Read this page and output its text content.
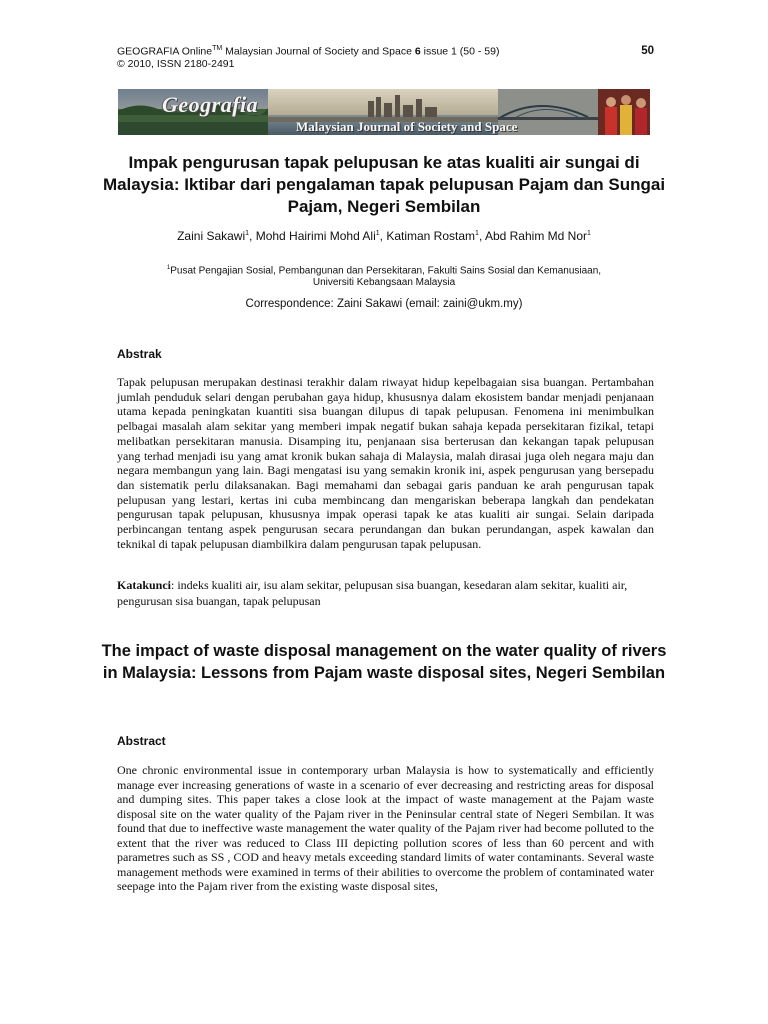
GEOGRAFIA Online™ Malaysian Journal of Society and Space 6 issue 1 (50 - 59)
© 2010, ISSN 2180-2491
50
Geografia
Malaysian Journal of Society and Space
Impak pengurusan tapak pelupusan ke atas kualiti air sungai di Malaysia: Iktibar dari pengalaman tapak pelupusan Pajam dan Sungai Pajam, Negeri Sembilan
Zaini Sakawi$^1$, Mohd Hairimi Mohd Ali$^1$, Katiman Rostam$^1$, Abd Rahim Md Nor$^1$
$^1$Pusat Pengajian Sosial, Pembangunan dan Persekitaran, Fakulti Sains Sosial dan Kemanusiaan,
Universiti Kebangsaan Malaysia
Correspondence: Zaini Sakawi (email: zaini@ukm.my)
Abstrak

Tapak pelupusan merupakan destinasi terakhir dalam riwayat hidup kepelbagaian sisa buangan. Pertambahan jumlah penduduk selari dengan perubahan gaya hidup, khususnya dalam ekosistem bandar menjadi penjanaan utama kepada peningkatan kuantiti sisa buangan dilupus di tapak pelupusan. Fenomena ini menimbulkan pelbagai masalah alam sekitar yang memberi impak negatif bukan sahaja kepada persekitaran fizikal, tetapi melibatkan persekitaran manusia. Disamping itu, penjanaan sisa berterusan dan kekangan tapak pelupusan yang terhad menjadi isu yang amat kronik bukan sahaja di Malaysia, malah dirasai juga oleh negara maju dan negara membangun yang lain. Bagi mengatasi isu yang semakin kronik ini, aspek pengurusan yang bersepadu dan sistematik perlu dilaksanakan. Bagi memahami dan sebagai garis panduan ke arah pengurusan tapak pelupusan yang lestari, kertas ini cuba membincang dan mengariskan beberapa langkah dan pendekatan pengurusan tapak pelupusan, khususnya impak operasi tapak ke atas kualiti air sungai. Selain daripada perbincangan tentang aspek pengurusan secara perundangan dan bukan perundangan, aspek kawalan dan teknikal di tapak pelupusan diambilkira dalam pengurusan tapak pelupusan.

Katakunci: indeks kualiti air, isu alam sekitar, pelupusan sisa buangan, kesedaran alam sekitar, kualiti air, pengurusan sisa buangan, tapak pelupusan

The impact of waste disposal management on the water quality of rivers in Malaysia: Lessons from Pajam waste disposal sites, Negeri Sembilan
Abstract

One chronic environmental issue in contemporary urban Malaysia is how to systematically and efficiently manage ever increasing generations of waste in a scenario of ever decreasing and restricting areas for disposal and dumping sites. This paper takes a close look at the impact of waste management at the Pajam waste disposal site on the water quality of the Pajam river in the Peninsular central state of Negeri Sembilan. It was found that due to ineffective waste management the water quality of the Pajam river had become polluted to the extent that the river was reduced to Class III depicting pollution scores of less than 60 percent and with parametres such as SS , COD and heavy metals exceeding standard limits of water contaminants. Several waste management methods were examined in terms of their abilities to overcome the problem of contaminated water seepage into the Pajam river from the existing waste disposal sites,
